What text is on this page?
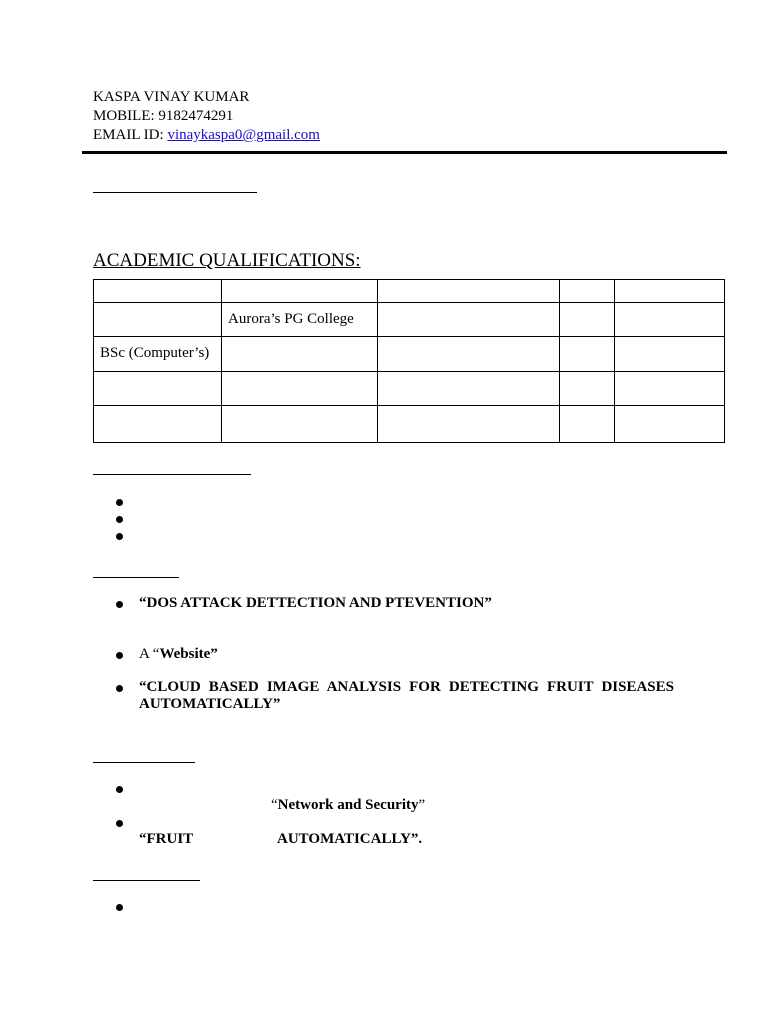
KASPA VINAY KUMAR
MOBILE: 9182474291
EMAIL ID: vinaykaspa0@gmail.com
ACADEMIC QUALIFICATIONS:

	Aurora’s PG College			
BSc (Computer’s)				

“DOS ATTACK DETTECTION AND PTEVENTION”
A “Website”
“CLOUD BASED IMAGE ANALYSIS FOR DETECTING FRUIT DISEASES
AUTOMATICALLY”
“Network and Security”
“FRUIT	AUTOMATICALLY”.
